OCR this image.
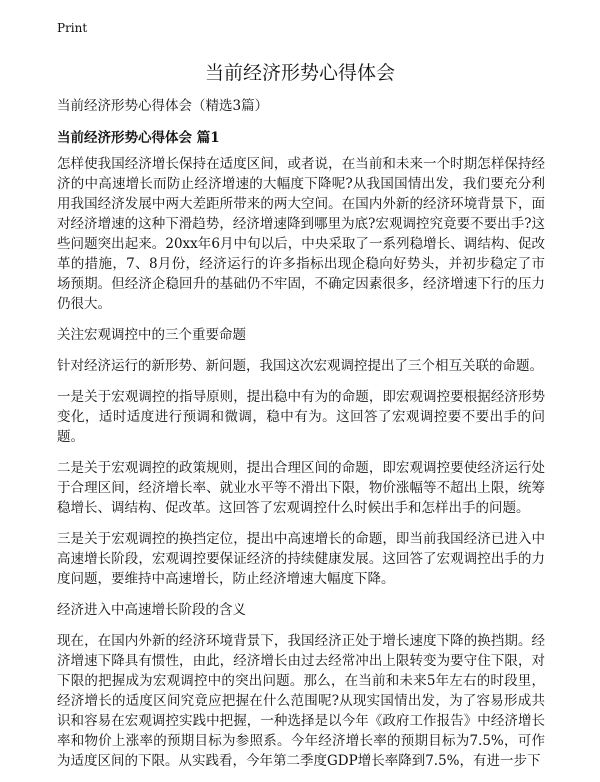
Print
当前经济形势心得体会
当前经济形势心得体会（精选3篇）
当前经济形势心得体会 篇1

怎样使我国经济增长保持在适度区间，或者说，在当前和未来一个时期怎样保持经济的中高速增长而防止经济增速的大幅度下降呢?从我国国情出发，我们要充分利用我国经济发展中两大差距所带来的两大空间。在国内外新的经济环境背景下，面对经济增速的这种下滑趋势，经济增速降到哪里为底?宏观调控究竟要不要出手?这些问题突出起来。20xx年6月中旬以后，中央采取了一系列稳增长、调结构、促改革的措施，7、8月份，经济运行的许多指标出现企稳向好势头，并初步稳定了市场预期。但经济企稳回升的基础仍不牢固，不确定因素很多，经济增速下行的压力仍很大。

关注宏观调控中的三个重要命题

针对经济运行的新形势、新问题，我国这次宏观调控提出了三个相互关联的命题。

一是关于宏观调控的指导原则，提出稳中有为的命题，即宏观调控要根据经济形势变化，适时适度进行预调和微调，稳中有为。这回答了宏观调控要不要出手的问题。

二是关于宏观调控的政策规则，提出合理区间的命题，即宏观调控要使经济运行处于合理区间，经济增长率、就业水平等不滑出下限，物价涨幅等不超出上限，统筹稳增长、调结构、促改革。这回答了宏观调控什么时候出手和怎样出手的问题。

三是关于宏观调控的换挡定位，提出中高速增长的命题，即当前我国经济已进入中高速增长阶段，宏观调控要保证经济的持续健康发展。这回答了宏观调控出手的力度问题，要维持中高速增长，防止经济增速大幅度下降。

经济进入中高速增长阶段的含义

现在，在国内外新的经济环境背景下，我国经济正处于增长速度下降的换挡期。经济增速下降具有惯性，由此，经济增长由过去经常冲出上限转变为要守住下限，对下限的把握成为宏观调控中的突出问题。那么，在当前和未来5年左右的时段里，经济增长的适度区间究竟应把握在什么范围呢?从现实国情出发，为了容易形成共识和容易在宏观调控实践中把握，一种选择是以今年《政府工作报告》中经济增长率和物价上涨率的预期目标为参照系。今年经济增长率的预期目标为7.5%，可作为适度区间的下限。从实践看，今年第二季度GDP增长率降到7.5%，有进一步下
